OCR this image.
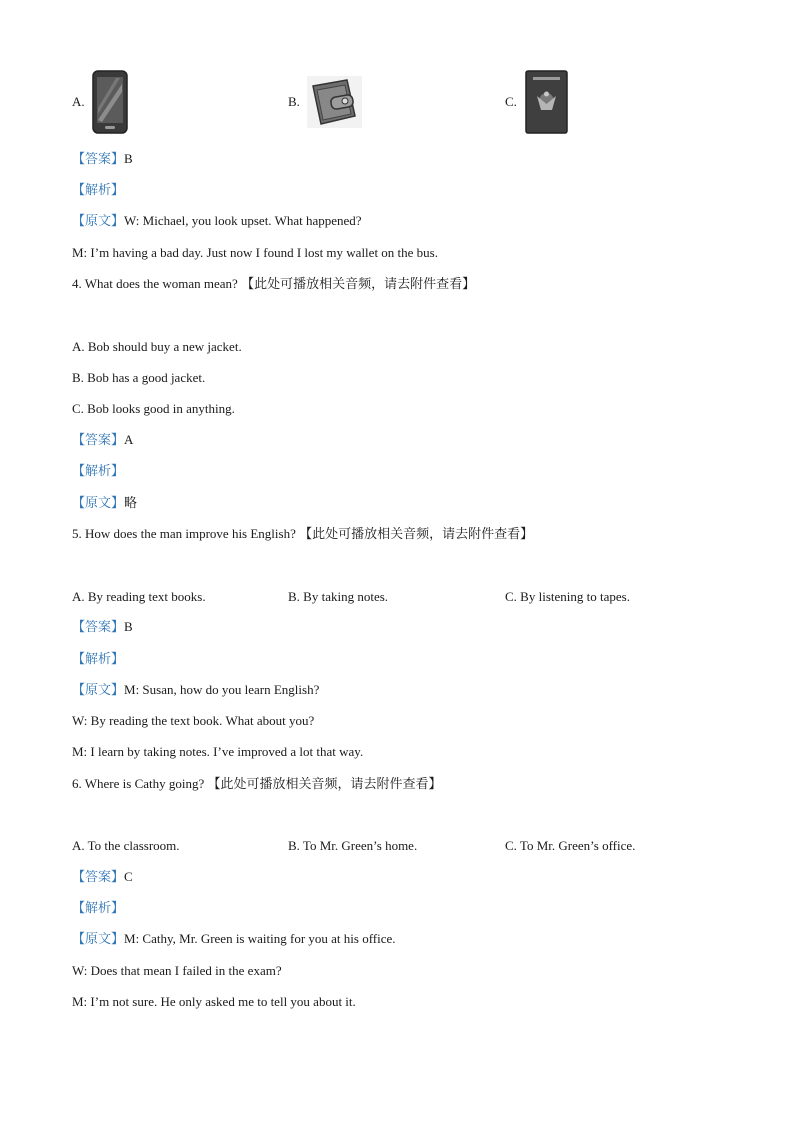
A.	B.	C.
【答案】B
【解析】
【原文】W: Michael, you look upset. What happened?
M: I’m having a bad day. Just now I found I lost my wallet on the bus.
4. What does the woman mean? 【此处可播放相关音频，请去附件查看】
A. Bob should buy a new jacket.
B. Bob has a good jacket.
C. Bob looks good in anything.
【答案】A
【解析】
【原文】略
5. How does the man improve his English? 【此处可播放相关音频，请去附件查看】
A. By reading text books.	B. By taking notes.	C. By listening to tapes.
【答案】B
【解析】
【原文】M: Susan, how do you learn English?
W: By reading the text book. What about you?
M: I learn by taking notes. I’ve improved a lot that way.
6. Where is Cathy going? 【此处可播放相关音频，请去附件查看】
A. To the classroom.	B. To Mr. Green’s home.	C. To Mr. Green’s office.
【答案】C
【解析】
【原文】M: Cathy, Mr. Green is waiting for you at his office.
W: Does that mean I failed in the exam?
M: I’m not sure. He only asked me to tell you about it.
